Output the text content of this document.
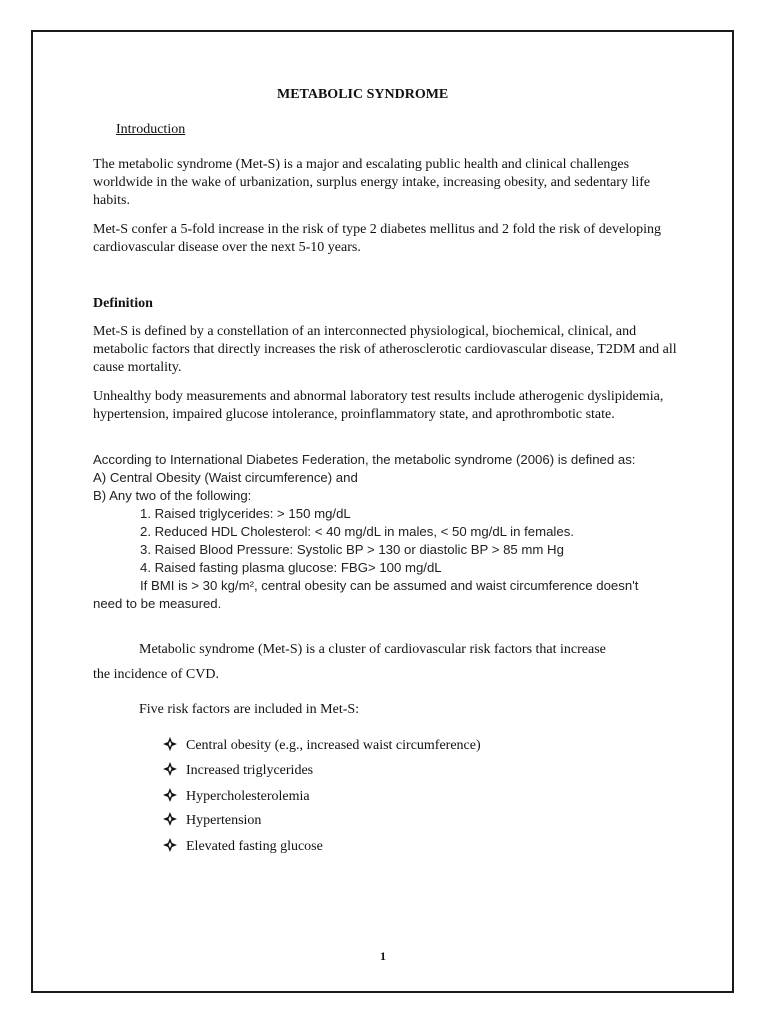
METABOLIC SYNDROME
Introduction
The metabolic syndrome (Met-S) is a major and escalating public health and clinical challenges worldwide in the wake of urbanization, surplus energy intake, increasing obesity, and sedentary life habits.
Met-S confer a 5-fold increase in the risk of type 2 diabetes mellitus and 2 fold the risk of developing cardiovascular disease over the next 5-10 years.
Definition
Met-S is defined by a constellation of an interconnected physiological, biochemical, clinical, and metabolic factors that directly increases the risk of atherosclerotic cardiovascular disease, T2DM and all cause mortality.
Unhealthy body measurements and abnormal laboratory test results include atherogenic dyslipidemia, hypertension, impaired glucose intolerance, proinflammatory state, and aprothrombotic state.
According to International Diabetes Federation, the metabolic syndrome (2006) is defined as:
A) Central Obesity (Waist circumference) and
B) Any two of the following:
1. Raised triglycerides: > 150 mg/dL
2. Reduced HDL Cholesterol: < 40 mg/dL in males, < 50 mg/dL in females.
3. Raised Blood Pressure: Systolic BP > 130 or diastolic BP > 85 mm Hg
4. Raised fasting plasma glucose: FBG> 100 mg/dL
If BMI is > 30 kg/m², central obesity can be assumed and waist circumference doesn't
need to be measured.
Metabolic syndrome (Met-S) is a cluster of cardiovascular risk factors that increase
the incidence of CVD.
Five risk factors are included in Met-S:
Central obesity (e.g., increased waist circumference)
Increased triglycerides
Hypercholesterolemia
Hypertension
Elevated fasting glucose
1
